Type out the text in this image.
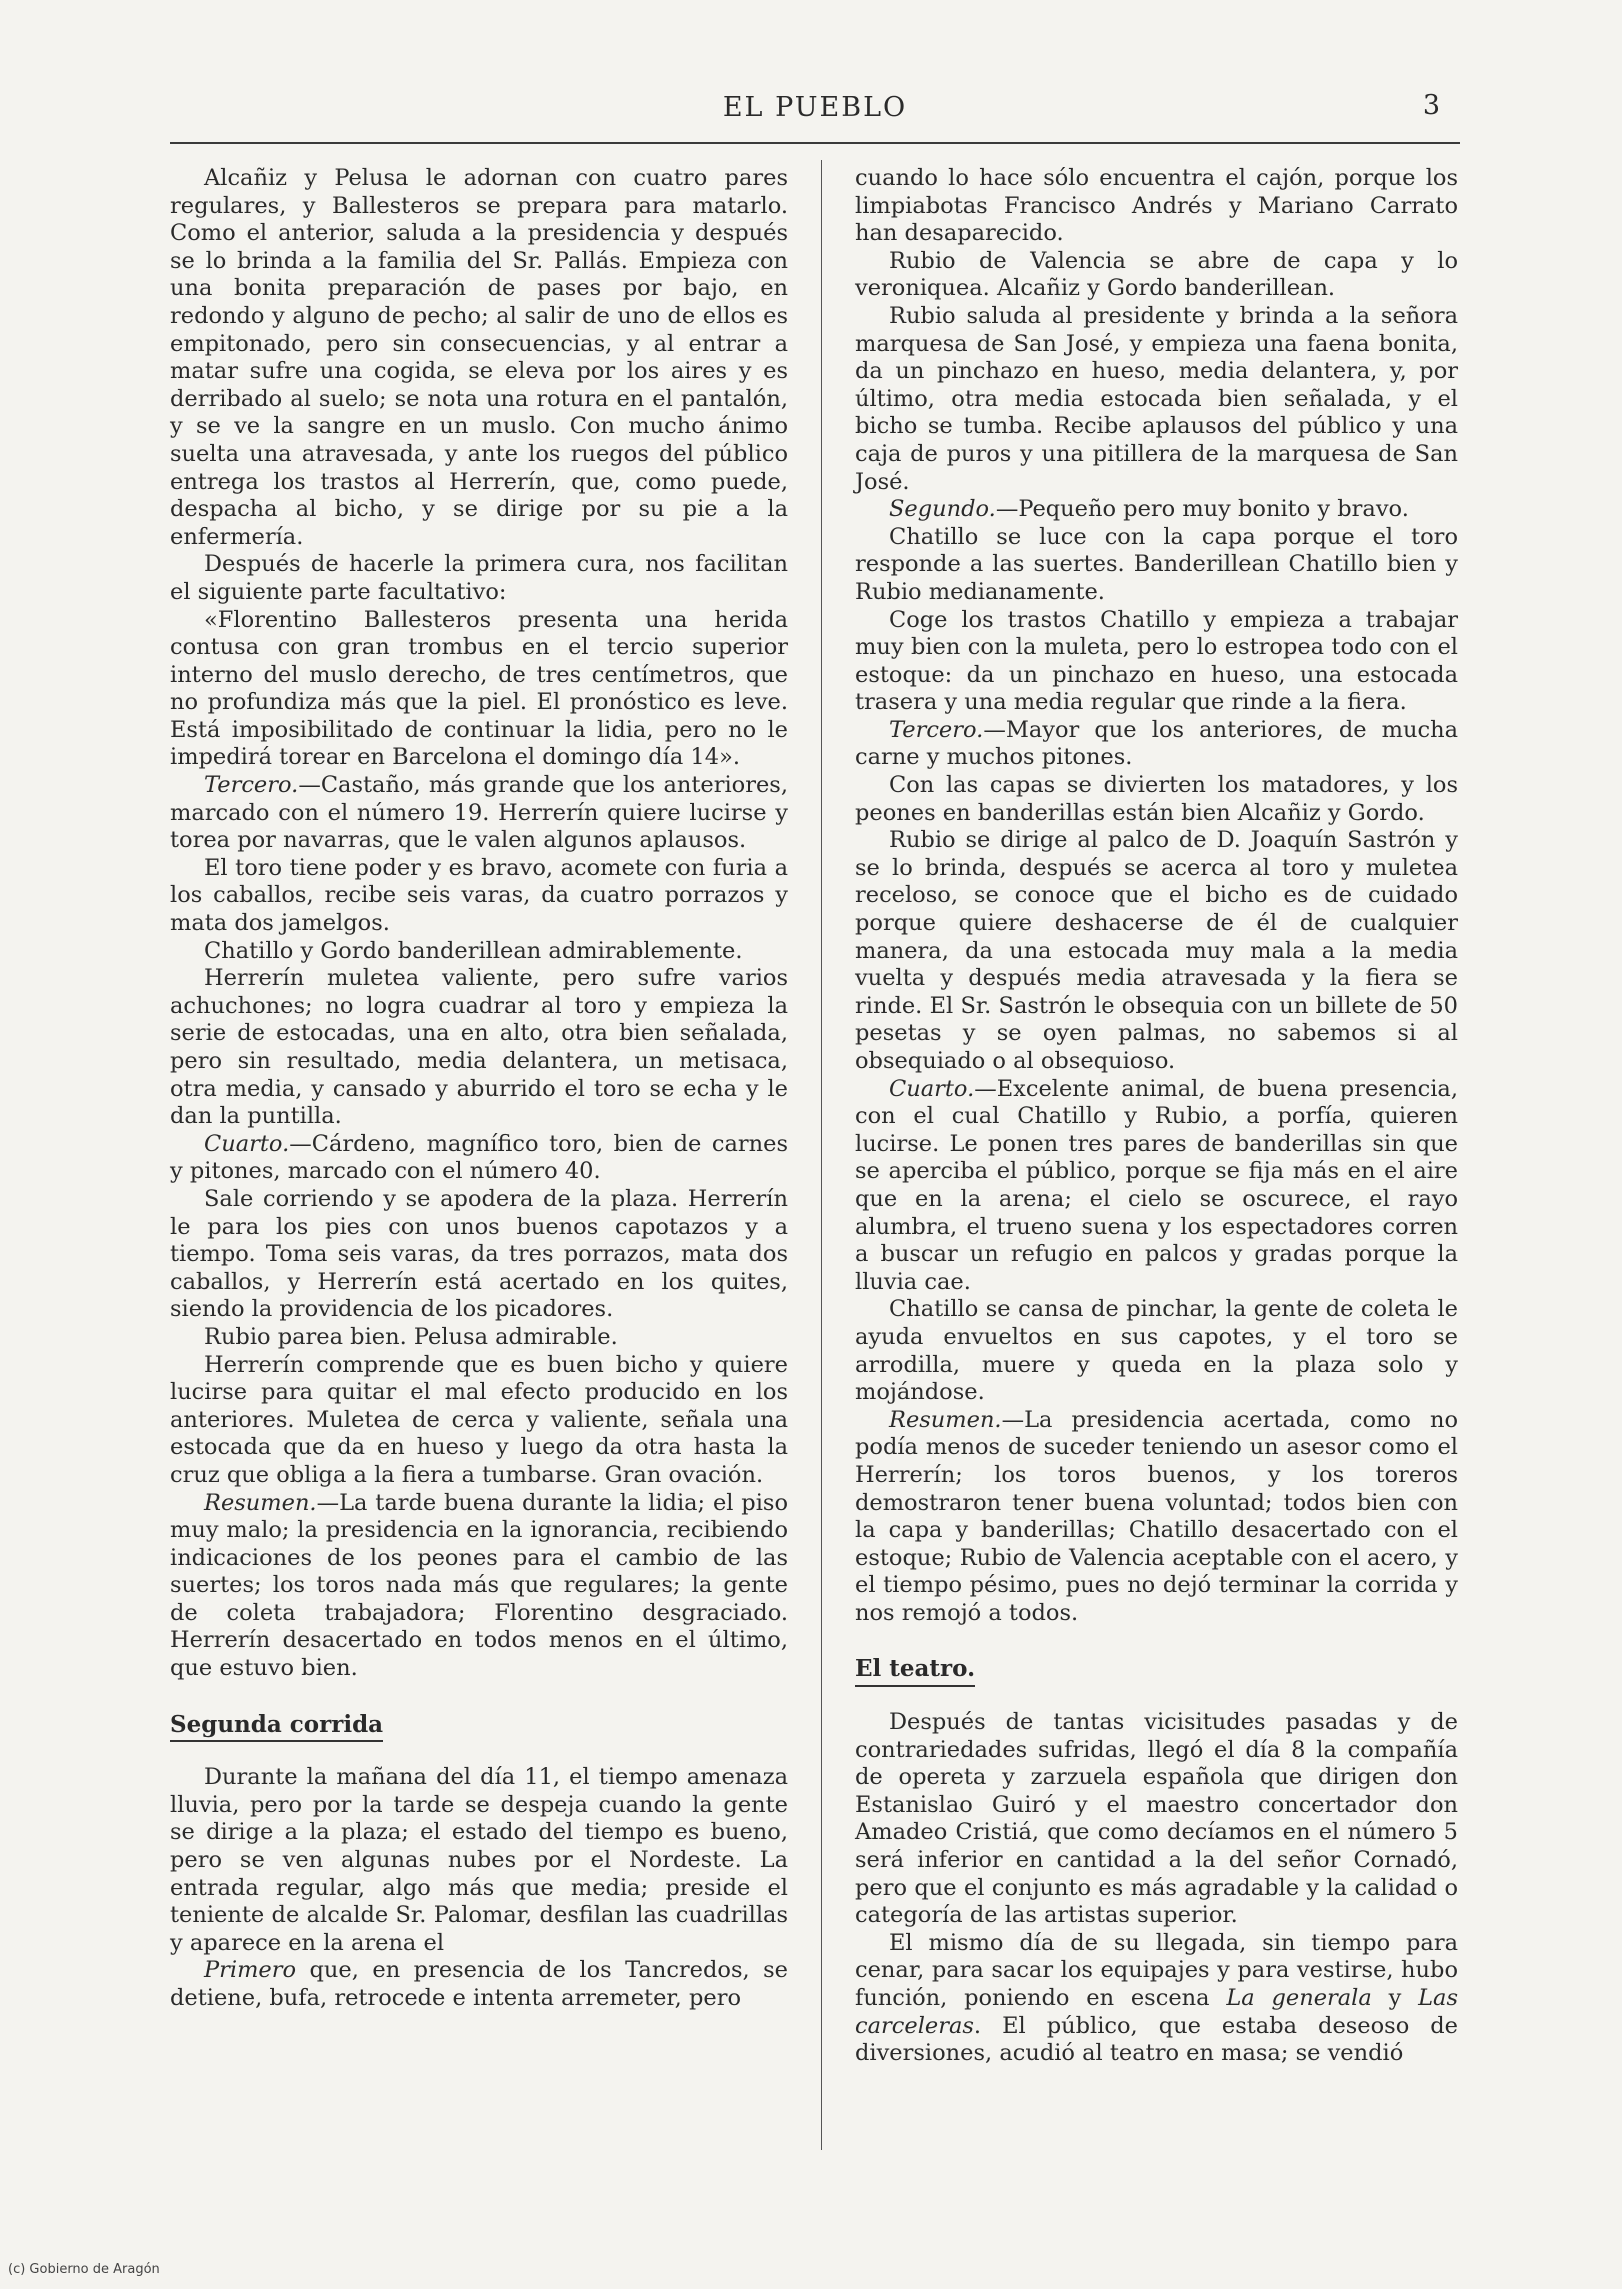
EL PUEBLO	3

Alcañiz y Pelusa le adornan con cuatro pares regulares, y Ballesteros se prepara para matarlo. Como el anterior, saluda a la presidencia y después se lo brinda a la familia del Sr. Pallás. Empieza con una bonita preparación de pases por bajo, en redondo y alguno de pecho; al salir de uno de ellos es empitonado, pero sin consecuencias, y al entrar a matar sufre una cogida, se eleva por los aires y es derribado al suelo; se nota una rotura en el pantalón, y se ve la sangre en un muslo. Con mucho ánimo suelta una atravesada, y ante los ruegos del público entrega los trastos al Herrerín, que, como puede, despacha al bicho, y se dirige por su pie a la enfermería.

Después de hacerle la primera cura, nos facilitan el siguiente parte facultativo:

«Florentino Ballesteros presenta una herida contusa con gran trombus en el tercio superior interno del muslo derecho, de tres centímetros, que no profundiza más que la piel. El pronóstico es leve. Está imposibilitado de continuar la lidia, pero no le impedirá torear en Barcelona el domingo día 14».

Tercero.—Castaño, más grande que los anteriores, marcado con el número 19. Herrerín quiere lucirse y torea por navarras, que le valen algunos aplausos.

El toro tiene poder y es bravo, acomete con furia a los caballos, recibe seis varas, da cuatro porrazos y mata dos jamelgos.

Chatillo y Gordo banderillean admirablemente.

Herrerín muletea valiente, pero sufre varios achuchones; no logra cuadrar al toro y empieza la serie de estocadas, una en alto, otra bien señalada, pero sin resultado, media delantera, un metisaca, otra media, y cansado y aburrido el toro se echa y le dan la puntilla.

Cuarto.—Cárdeno, magnífico toro, bien de carnes y pitones, marcado con el número 40.

Sale corriendo y se apodera de la plaza. Herrerín le para los pies con unos buenos capotazos y a tiempo. Toma seis varas, da tres porrazos, mata dos caballos, y Herrerín está acertado en los quites, siendo la providencia de los picadores.

Rubio parea bien. Pelusa admirable.

Herrerín comprende que es buen bicho y quiere lucirse para quitar el mal efecto producido en los anteriores. Muletea de cerca y valiente, señala una estocada que da en hueso y luego da otra hasta la cruz que obliga a la fiera a tumbarse. Gran ovación.

Resumen.—La tarde buena durante la lidia; el piso muy malo; la presidencia en la ignorancia, recibiendo indicaciones de los peones para el cambio de las suertes; los toros nada más que regulares; la gente de coleta trabajadora; Florentino desgraciado. Herrerín desacertado en todos menos en el último, que estuvo bien.

Segunda corrida

Durante la mañana del día 11, el tiempo amenaza lluvia, pero por la tarde se despeja cuando la gente se dirige a la plaza; el estado del tiempo es bueno, pero se ven algunas nubes por el Nordeste. La entrada regular, algo más que media; preside el teniente de alcalde Sr. Palomar, desfilan las cuadrillas y aparece en la arena el

Primero que, en presencia de los Tancredos, se detiene, bufa, retrocede e intenta arremeter, pero

cuando lo hace sólo encuentra el cajón, porque los limpiabotas Francisco Andrés y Mariano Carrato han desaparecido.

Rubio de Valencia se abre de capa y lo veroniquea. Alcañiz y Gordo banderillean.

Rubio saluda al presidente y brinda a la señora marquesa de San José, y empieza una faena bonita, da un pinchazo en hueso, media delantera, y, por último, otra media estocada bien señalada, y el bicho se tumba. Recibe aplausos del público y una caja de puros y una pitillera de la marquesa de San José.

Segundo.—Pequeño pero muy bonito y bravo.

Chatillo se luce con la capa porque el toro responde a las suertes. Banderillean Chatillo bien y Rubio medianamente.

Coge los trastos Chatillo y empieza a trabajar muy bien con la muleta, pero lo estropea todo con el estoque: da un pinchazo en hueso, una estocada trasera y una media regular que rinde a la fiera.

Tercero.—Mayor que los anteriores, de mucha carne y muchos pitones.

Con las capas se divierten los matadores, y los peones en banderillas están bien Alcañiz y Gordo.

Rubio se dirige al palco de D. Joaquín Sastrón y se lo brinda, después se acerca al toro y muletea receloso, se conoce que el bicho es de cuidado porque quiere deshacerse de él de cualquier manera, da una estocada muy mala a la media vuelta y después media atravesada y la fiera se rinde. El Sr. Sastrón le obsequia con un billete de 50 pesetas y se oyen palmas, no sabemos si al obsequiado o al obsequioso.

Cuarto.—Excelente animal, de buena presencia, con el cual Chatillo y Rubio, a porfía, quieren lucirse. Le ponen tres pares de banderillas sin que se aperciba el público, porque se fija más en el aire que en la arena; el cielo se oscurece, el rayo alumbra, el trueno suena y los espectadores corren a buscar un refugio en palcos y gradas porque la lluvia cae.

Chatillo se cansa de pinchar, la gente de coleta le ayuda envueltos en sus capotes, y el toro se arrodilla, muere y queda en la plaza solo y mojándose.

Resumen.—La presidencia acertada, como no podía menos de suceder teniendo un asesor como el Herrerín; los toros buenos, y los toreros demostraron tener buena voluntad; todos bien con la capa y banderillas; Chatillo desacertado con el estoque; Rubio de Valencia aceptable con el acero, y el tiempo pésimo, pues no dejó terminar la corrida y nos remojó a todos.

El teatro.

Después de tantas vicisitudes pasadas y de contrariedades sufridas, llegó el día 8 la compañía de opereta y zarzuela española que dirigen don Estanislao Guiró y el maestro concertador don Amadeo Cristiá, que como decíamos en el número 5 será inferior en cantidad a la del señor Cornadó, pero que el conjunto es más agradable y la calidad o categoría de las artistas superior.

El mismo día de su llegada, sin tiempo para cenar, para sacar los equipajes y para vestirse, hubo función, poniendo en escena La generala y Las carceleras. El público, que estaba deseoso de diversiones, acudió al teatro en masa; se vendió

(c) Gobierno de Aragón
